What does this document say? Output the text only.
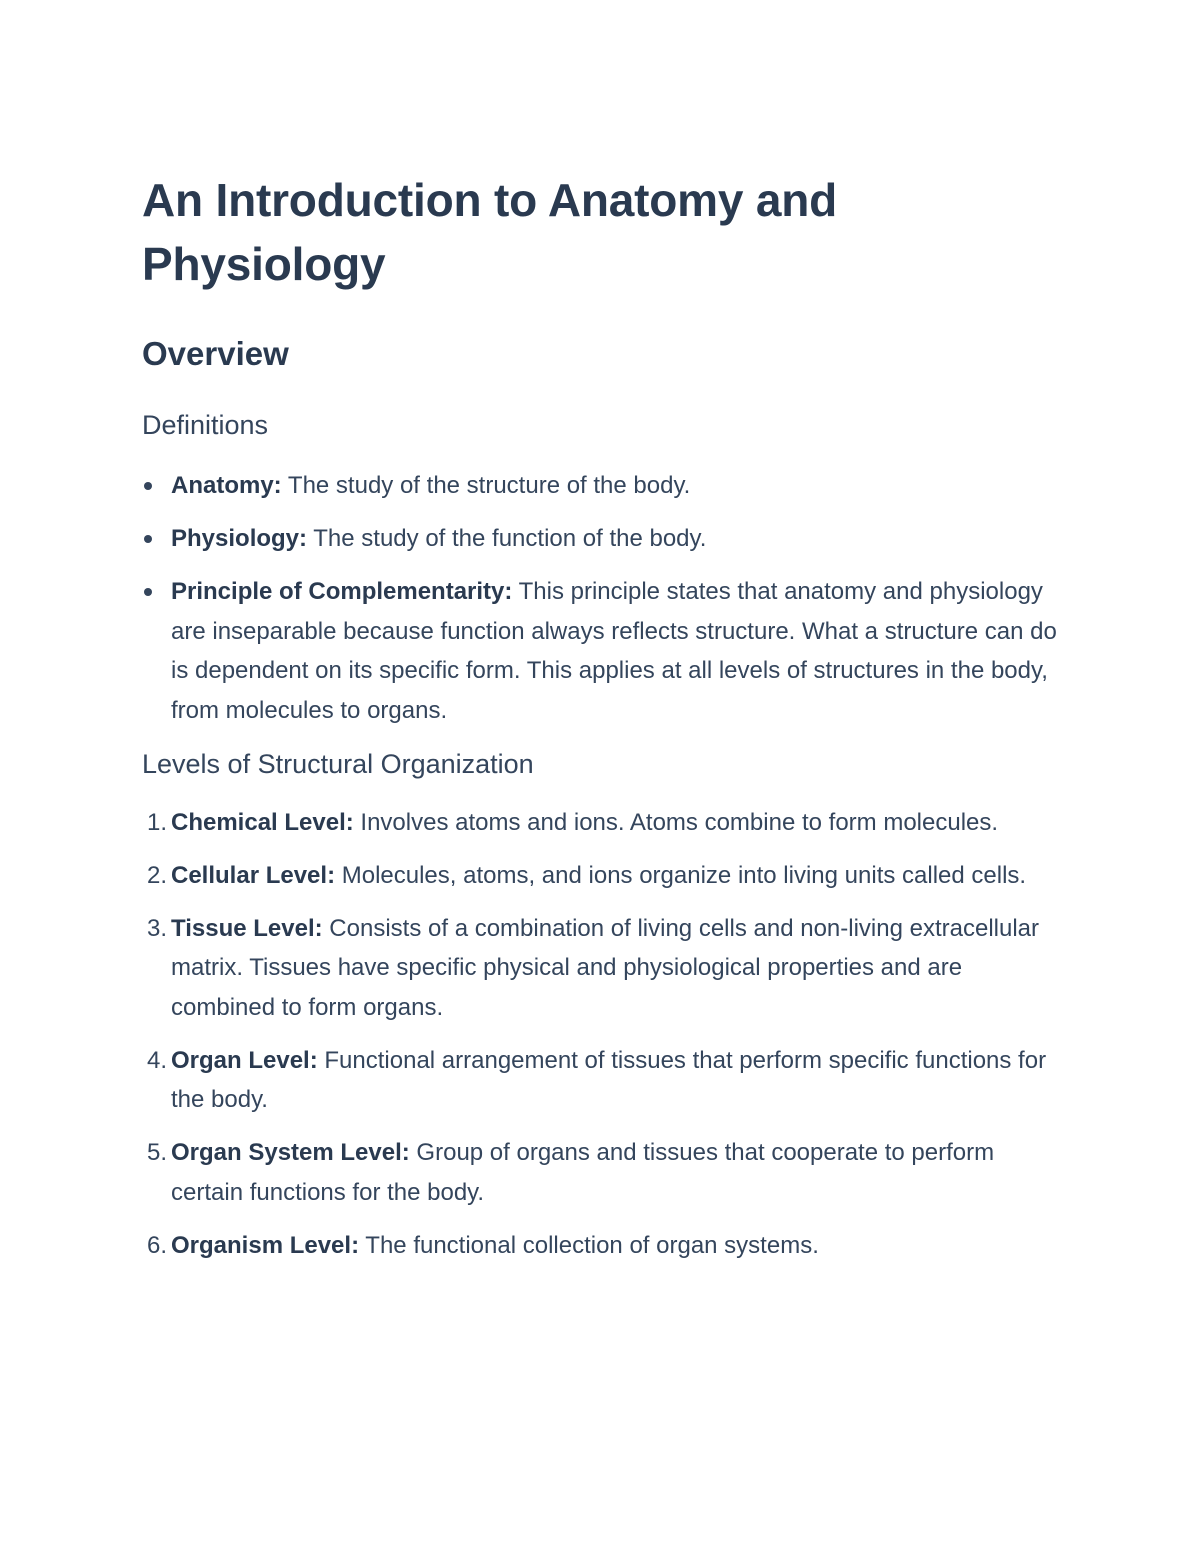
An Introduction to Anatomy and Physiology
Overview
Definitions
Anatomy: The study of the structure of the body.
Physiology: The study of the function of the body.
Principle of Complementarity: This principle states that anatomy and physiology are inseparable because function always reflects structure. What a structure can do is dependent on its specific form. This applies at all levels of structures in the body, from molecules to organs.
Levels of Structural Organization
1. Chemical Level: Involves atoms and ions. Atoms combine to form molecules.
2. Cellular Level: Molecules, atoms, and ions organize into living units called cells.
3. Tissue Level: Consists of a combination of living cells and non-living extracellular matrix. Tissues have specific physical and physiological properties and are combined to form organs.
4. Organ Level: Functional arrangement of tissues that perform specific functions for the body.
5. Organ System Level: Group of organs and tissues that cooperate to perform certain functions for the body.
6. Organism Level: The functional collection of organ systems.
